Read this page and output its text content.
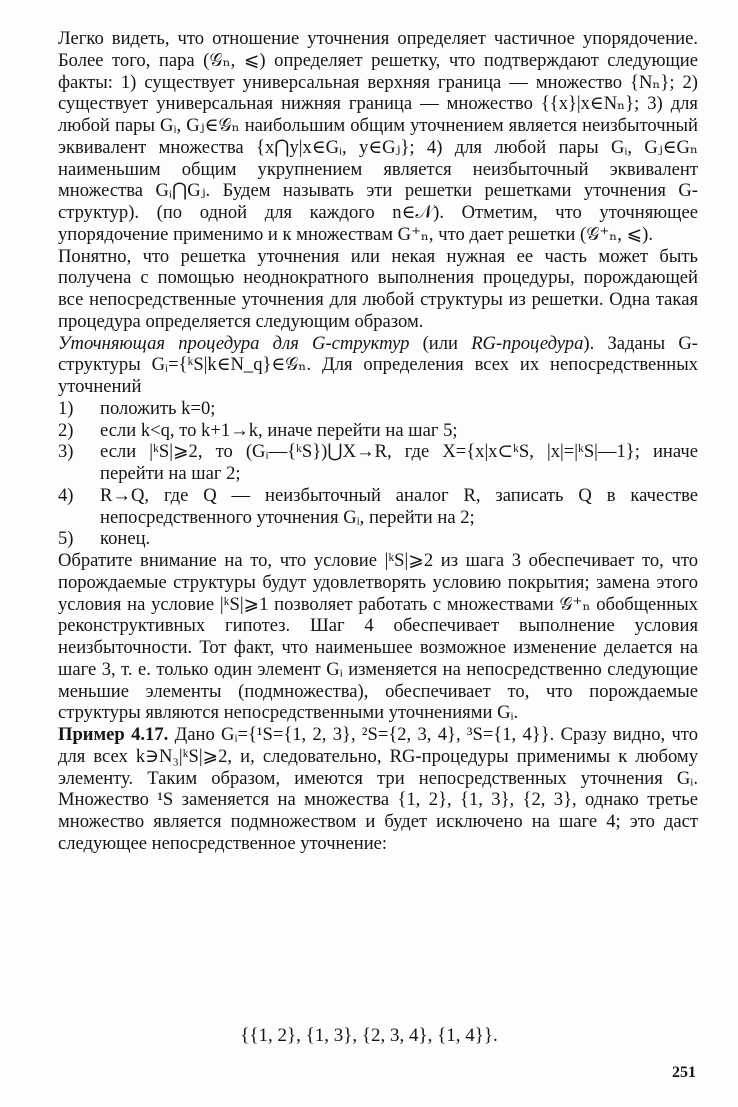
Легко видеть, что отношение уточнения определяет частичное упорядочение. Более того, пара (𝒢ₙ, ⩽) определяет решетку, что подтверждают следующие факты: 1) существует универсальная верхняя граница — множество {Nₙ}; 2) существует универсальная нижняя граница — множество {{x}|x∈Nₙ}; 3) для любой пары Gᵢ, Gⱼ∈𝒢ₙ наибольшим общим уточнением является неизбыточный эквивалент множества {x⋂y|x∈Gᵢ, y∈Gⱼ}; 4) для любой пары Gᵢ, Gⱼ∈Gₙ наименьшим общим укрупнением является неизбыточный эквивалент множества Gᵢ⋂Gⱼ. Будем называть эти решетки решетками уточнения G-структур). (по одной для каждого n∈𝒩). Отметим, что уточняющее упорядочение применимо и к множествам G⁺ₙ, что дает решетки (𝒢⁺ₙ, ⩽).

Понятно, что решетка уточнения или некая нужная ее часть может быть получена с помощью неоднократного выполнения процедуры, порождающей все непосредственные уточнения для любой структуры из решетки. Одна такая процедура определяется следующим образом.

Уточняющая процедура для G-структур (или RG-процедура). Заданы G-структуры Gᵢ={ᵏS|k∈N_q}∈𝒢ₙ. Для определения всех их непосредственных уточнений

1)	положить k=0;
2)	если k<q, то k+1→k, иначе перейти на шаг 5;
3)	если |ᵏS|⩾2, то (Gᵢ—{ᵏS})⋃X→R, где X={x|x⊂ᵏS, |x|=|ᵏS|—1}; иначе перейти на шаг 2;
4)	R→Q, где Q — неизбыточный аналог R, записать Q в качестве непосредственного уточнения Gᵢ, перейти на 2;
5)	конец.

Обратите внимание на то, что условие |ᵏS|⩾2 из шага 3 обеспечивает то, что порождаемые структуры будут удовлетворять условию покрытия; замена этого условия на условие |ᵏS|⩾1 позволяет работать с множествами 𝒢⁺ₙ обобщенных реконструктивных гипотез. Шаг 4 обеспечивает выполнение условия неизбыточности. Тот факт, что наименьшее возможное изменение делается на шаге 3, т. е. только один элемент Gᵢ изменяется на непосредственно следующие меньшие элементы (подмножества), обеспечивает то, что порождаемые структуры являются непосредственными уточнениями Gᵢ.

Пример 4.17. Дано Gᵢ={¹S={1, 2, 3}, ²S={2, 3, 4}, ³S={1, 4}}. Сразу видно, что для всех k∋N₃|ᵏS|⩾2, и, следовательно, RG-процедуры применимы к любому элементу. Таким образом, имеются три непосредственных уточнения Gᵢ. Множество ¹S заменяется на множества {1, 2}, {1, 3}, {2, 3}, однако третье множество является подмножеством и будет исключено на шаге 4; это даст следующее непосредственное уточнение:

{{1, 2}, {1, 3}, {2, 3, 4}, {1, 4}}.
251
